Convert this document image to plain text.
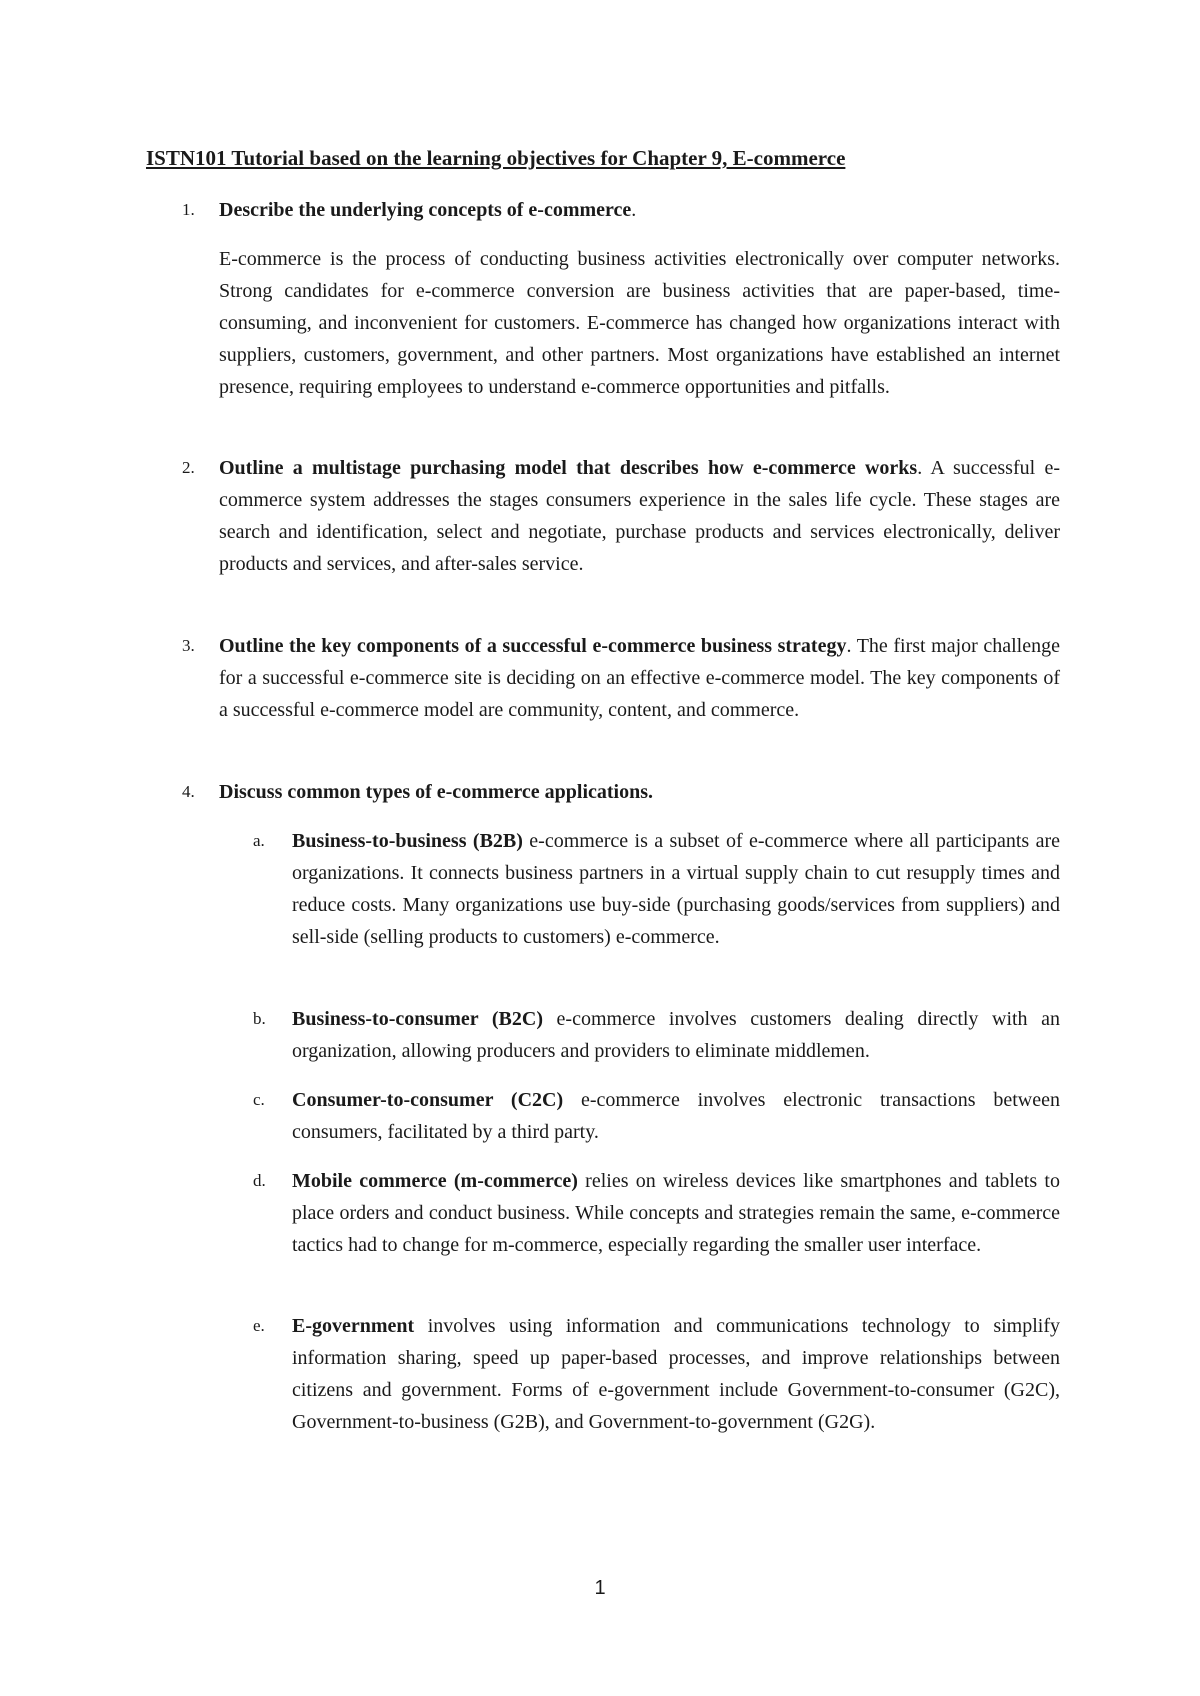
ISTN101 Tutorial based on the learning objectives for Chapter 9, E-commerce
1. Describe the underlying concepts of e-commerce.
E-commerce is the process of conducting business activities electronically over computer networks. Strong candidates for e-commerce conversion are business activities that are paper-based, time-consuming, and inconvenient for customers. E-commerce has changed how organizations interact with suppliers, customers, government, and other partners. Most organizations have established an internet presence, requiring employees to understand e-commerce opportunities and pitfalls.
2. Outline a multistage purchasing model that describes how e-commerce works. A successful e-commerce system addresses the stages consumers experience in the sales life cycle. These stages are search and identification, select and negotiate, purchase products and services electronically, deliver products and services, and after-sales service.
3. Outline the key components of a successful e-commerce business strategy. The first major challenge for a successful e-commerce site is deciding on an effective e-commerce model. The key components of a successful e-commerce model are community, content, and commerce.
4. Discuss common types of e-commerce applications.
a. Business-to-business (B2B) e-commerce is a subset of e-commerce where all participants are organizations. It connects business partners in a virtual supply chain to cut resupply times and reduce costs. Many organizations use buy-side (purchasing goods/services from suppliers) and sell-side (selling products to customers) e-commerce.
b. Business-to-consumer (B2C) e-commerce involves customers dealing directly with an organization, allowing producers and providers to eliminate middlemen.
c. Consumer-to-consumer (C2C) e-commerce involves electronic transactions between consumers, facilitated by a third party.
d. Mobile commerce (m-commerce) relies on wireless devices like smartphones and tablets to place orders and conduct business. While concepts and strategies remain the same, e-commerce tactics had to change for m-commerce, especially regarding the smaller user interface.
e. E-government involves using information and communications technology to simplify information sharing, speed up paper-based processes, and improve relationships between citizens and government. Forms of e-government include Government-to-consumer (G2C), Government-to-business (G2B), and Government-to-government (G2G).
1
